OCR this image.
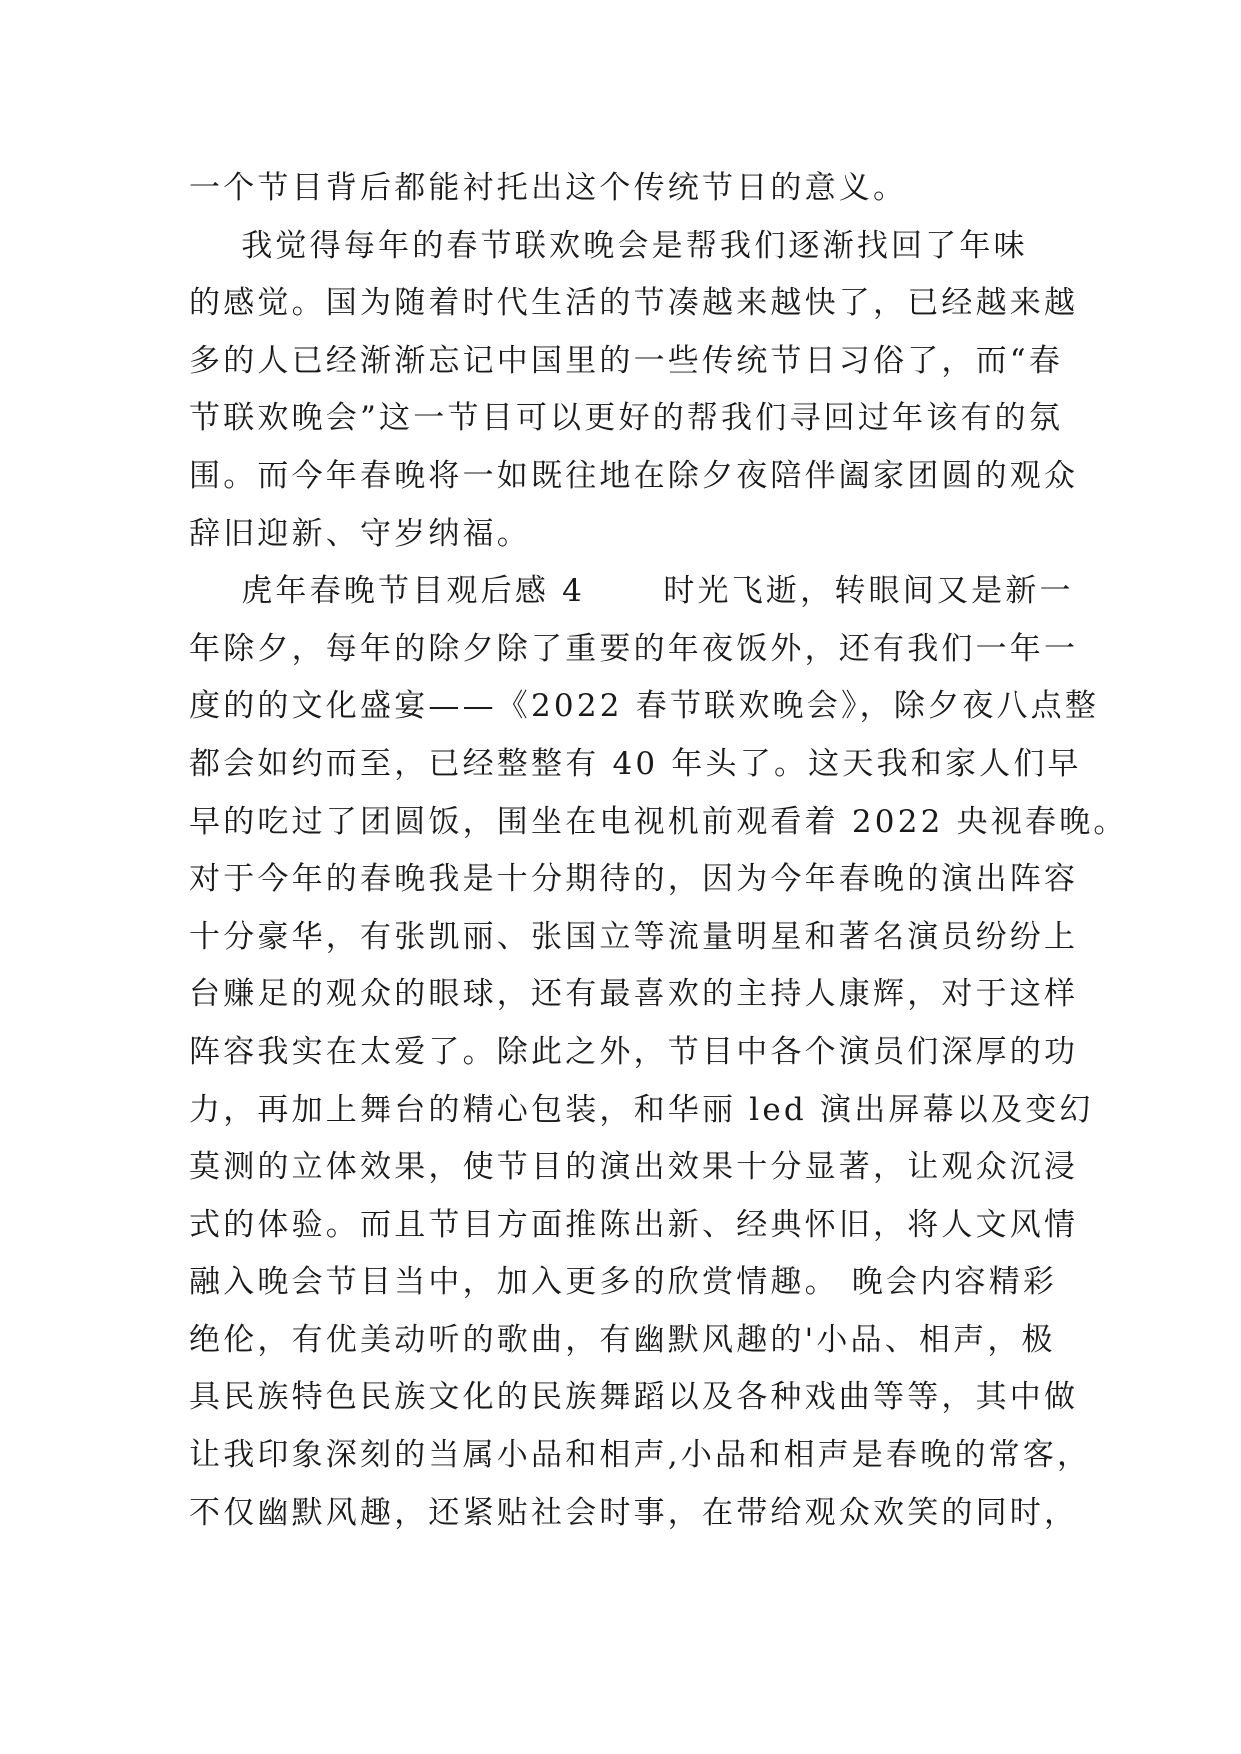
一个节目背后都能衬托出这个传统节日的意义。
我觉得每年的春节联欢晚会是帮我们逐渐找回了年味
的感觉。国为随着时代生活的节凑越来越快了，已经越来越
多的人已经渐渐忘记中国里的一些传统节日习俗了，而“春
节联欢晚会”这一节目可以更好的帮我们寻回过年该有的氛
围。而今年春晚将一如既往地在除夕夜陪伴阖家团圆的观众
辞旧迎新、守岁纳福。
虎年春晚节目观后感 4      时光飞逝，转眼间又是新一
年除夕，每年的除夕除了重要的年夜饭外，还有我们一年一
度的的文化盛宴——《2022 春节联欢晚会》，除夕夜八点整
都会如约而至，已经整整有 40 年头了。这天我和家人们早
早的吃过了团圆饭，围坐在电视机前观看着 2022 央视春晚。
对于今年的春晚我是十分期待的，因为今年春晚的演出阵容
十分豪华，有张凯丽、张国立等流量明星和著名演员纷纷上
台赚足的观众的眼球，还有最喜欢的主持人康辉，对于这样
阵容我实在太爱了。除此之外，节目中各个演员们深厚的功
力，再加上舞台的精心包装，和华丽 led 演出屏幕以及变幻
莫测的立体效果，使节目的演出效果十分显著，让观众沉浸
式的体验。而且节目方面推陈出新、经典怀旧，将人文风情
融入晚会节目当中，加入更多的欣赏情趣。 晚会内容精彩
绝伦，有优美动听的歌曲，有幽默风趣的'小品、相声，极
具民族特色民族文化的民族舞蹈以及各种戏曲等等，其中做
让我印象深刻的当属小品和相声,小品和相声是春晚的常客，
不仅幽默风趣，还紧贴社会时事，在带给观众欢笑的同时，
